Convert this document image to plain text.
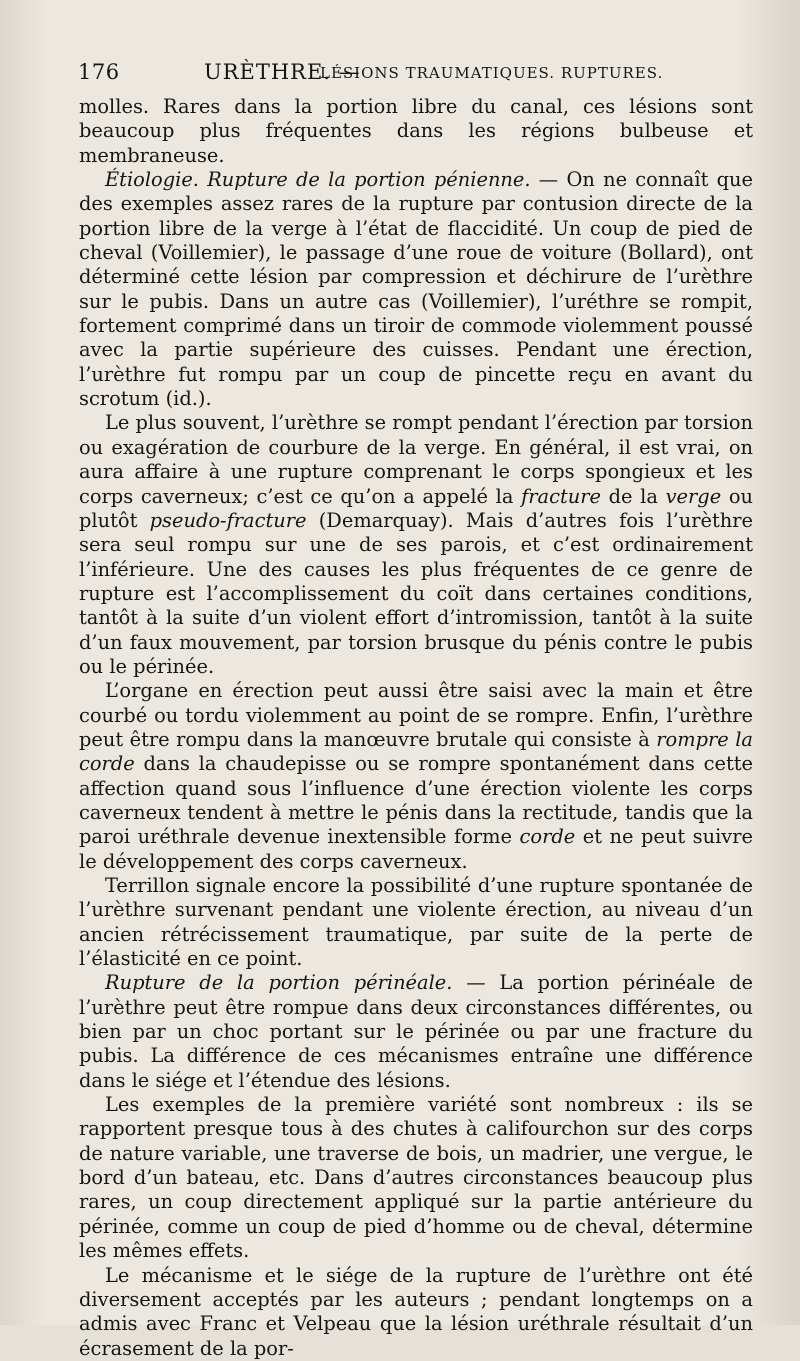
176	URÈTHRE. —
LÉSIONS TRAUMATIQUES. RUPTURES.

molles. Rares dans la portion libre du canal, ces lésions sont beaucoup plus fréquentes dans les régions bulbeuse et membraneuse.

Étiologie. Rupture de la portion pénienne. — On ne connaît que des exemples assez rares de la rupture par contusion directe de la portion libre de la verge à l’état de flaccidité. Un coup de pied de cheval (Voillemier), le passage d’une roue de voiture (Bollard), ont déterminé cette lésion par compression et déchirure de l’urèthre sur le pubis. Dans un autre cas (Voillemier), l’uréthre se rompit, fortement comprimé dans un tiroir de commode violemment poussé avec la partie supérieure des cuisses. Pendant une érection, l’urèthre fut rompu par un coup de pincette reçu en avant du scrotum (id.).

Le plus souvent, l’urèthre se rompt pendant l’érection par torsion ou exagération de courbure de la verge. En général, il est vrai, on aura affaire à une rupture comprenant le corps spongieux et les corps caverneux; c’est ce qu’on a appelé la fracture de la verge ou plutôt pseudo-fracture (Demarquay). Mais d’autres fois l’urèthre sera seul rompu sur une de ses parois, et c’est ordinairement l’inférieure. Une des causes les plus fréquentes de ce genre de rupture est l’accomplissement du coït dans certaines conditions, tantôt à la suite d’un violent effort d’intromission, tantôt à la suite d’un faux mouvement, par torsion brusque du pénis contre le pubis ou le périnée.

L’organe en érection peut aussi être saisi avec la main et être courbé ou tordu violemment au point de se rompre. Enfin, l’urèthre peut être rompu dans la manœuvre brutale qui consiste à rompre la corde dans la chaudepisse ou se rompre spontanément dans cette affection quand sous l’influence d’une érection violente les corps caverneux tendent à mettre le pénis dans la rectitude, tandis que la paroi uréthrale devenue inextensible forme corde et ne peut suivre le développement des corps caverneux.

Terrillon signale encore la possibilité d’une rupture spontanée de l’urèthre survenant pendant une violente érection, au niveau d’un ancien rétrécissement traumatique, par suite de la perte de l’élasticité en ce point.

Rupture de la portion périnéale. — La portion périnéale de l’urèthre peut être rompue dans deux circonstances différentes, ou bien par un choc portant sur le périnée ou par une fracture du pubis. La différence de ces mécanismes entraîne une différence dans le siége et l’étendue des lésions.

Les exemples de la première variété sont nombreux : ils se rapportent presque tous à des chutes à califourchon sur des corps de nature variable, une traverse de bois, un madrier, une vergue, le bord d’un bateau, etc. Dans d’autres circonstances beaucoup plus rares, un coup directement appliqué sur la partie antérieure du périnée, comme un coup de pied d’homme ou de cheval, détermine les mêmes effets.

Le mécanisme et le siége de la rupture de l’urèthre ont été diversement acceptés par les auteurs ; pendant longtemps on a admis avec Franc et Velpeau que la lésion uréthrale résultait d’un écrasement de la por-
